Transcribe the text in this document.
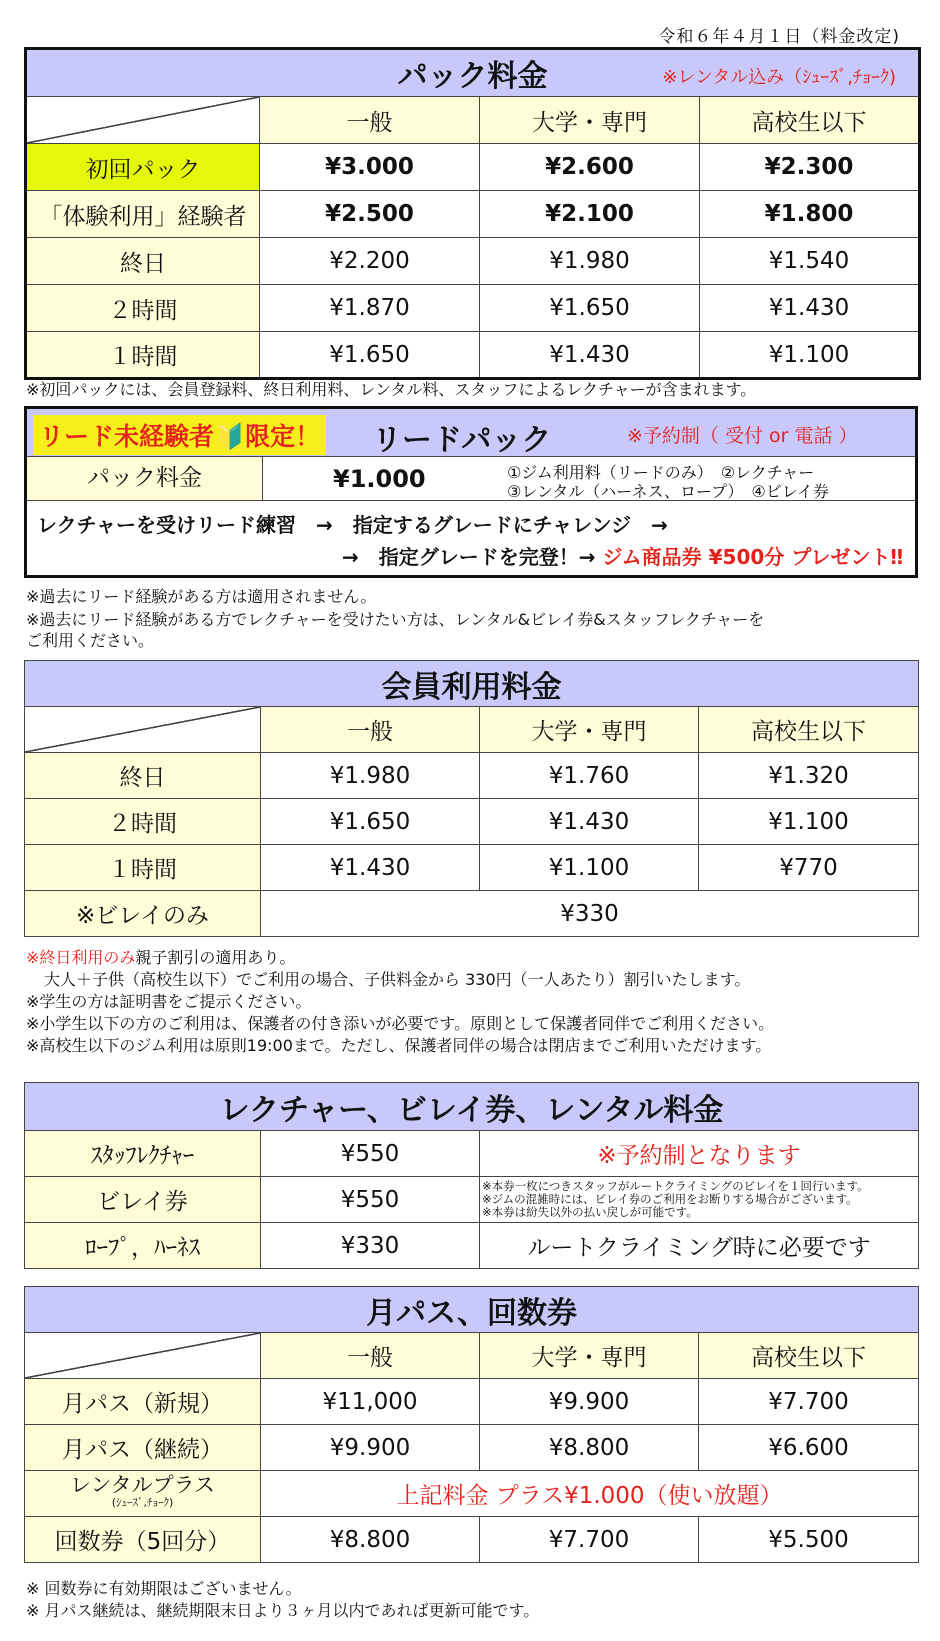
令和６年４月１日（料金改定)
パック料金 ※レンタル込み（ｼｭｰｽﾞ,ﾁｮｰｸ)			

	一般	大学・専門	高校生以下
初回パック	¥3.000	¥2.600	¥2.300
「体験利用」経験者	¥2.500	¥2.100	¥1.800
終日	¥2.200	¥1.980	¥1.540
２時間	¥1.870	¥1.650	¥1.430
１時間	¥1.650	¥1.430	¥1.100
※初回パックには、会員登録料、終日利用料、レンタル料、スタッフによるレクチャーが含まれます。
リード未経験者🔰限定！ リードパック	※予約制（ 受付 or 電話 ）
パック料金	¥1.000	①ジム利用料（リードのみ）　②レクチャー
③レンタル（ハーネス、ロープ）　④ビレイ券
レクチャーを受けリード練習　→　指定するグレードにチャレンジ　→
→　指定グレードを完登！→ ジム商品券 ¥500分 プレゼント‼
※過去にリード経験がある方は適用されません。
※過去にリード経験がある方でレクチャーを受けたい方は、レンタル&ビレイ券&スタッフレクチャーを
ご利用ください。
会員利用料金			
	一般	大学・専門	高校生以下
終日	¥1.980	¥1.760	¥1.320
２時間	¥1.650	¥1.430	¥1.100
１時間	¥1.430	¥1.100	¥770
※ビレイのみ	¥330		
※終日利用のみ親子割引の適用あり。
大人＋子供（高校生以下）でご利用の場合、子供料金から 330円（一人あたり）割引いたします。
※学生の方は証明書をご提示ください。
※小学生以下の方のご利用は、保護者の付き添いが必要です。原則として保護者同伴でご利用ください。
※高校生以下のジム利用は原則19:00まで。ただし、保護者同伴の場合は閉店までご利用いただけます。
レクチャー、ビレイ券、レンタル料金		
ｽﾀｯﾌﾚｸﾁｬｰ	¥550	※予約制となります
ビレイ券	¥550	※本券一枚につきスタッフがルートクライミングのビレイを１回行います。
※ジムの混雑時には、ビレイ券のご利用をお断りする場合がございます。
※本券は紛失以外の払い戻しが可能です。

ﾛｰﾌﾟ，ﾊｰﾈｽ	¥330	ルートクライミング時に必要です
月パス、回数券			
	一般	大学・専門	高校生以下
月パス（新規）	¥11,000	¥9.900	¥7.700
月パス（継続）	¥9.900	¥8.800	¥6.600

レンタルプラス
(ｼｭｰｽﾞ,ﾁｮｰｸ)	上記料金 プラス¥1.000（使い放題）		
回数券（5回分）	¥8.800	¥7.700	¥5.500
※ 回数券に有効期限はございません。
※ 月パス継続は、継続期限末日より３ヶ月以内であれば更新可能です。
